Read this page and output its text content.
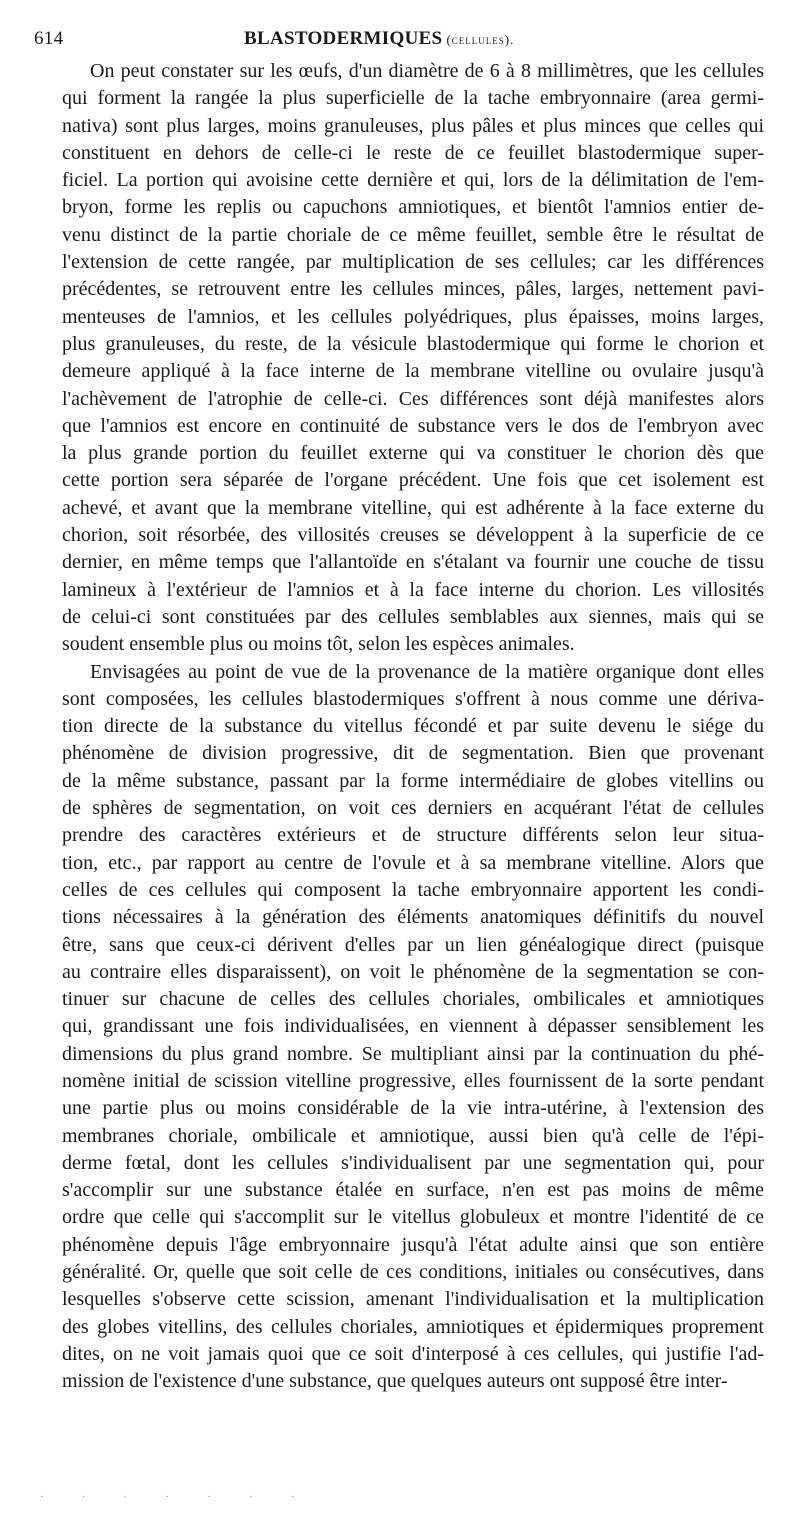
614	BLASTODERMIQUES (cellules).
On peut constater sur les œufs, d'un diamètre de 6 à 8 millimètres, que les cellules
qui forment la rangée la plus superficielle de la tache embryonnaire (area germi-
nativa) sont plus larges, moins granuleuses, plus pâles et plus minces que celles qui
constituent en dehors de celle-ci le reste de ce feuillet blastodermique super-
ficiel. La portion qui avoisine cette dernière et qui, lors de la délimitation de l'em-
bryon, forme les replis ou capuchons amniotiques, et bientôt l'amnios entier de-
venu distinct de la partie choriale de ce même feuillet, semble être le résultat de
l'extension de cette rangée, par multiplication de ses cellules; car les différences
précédentes, se retrouvent entre les cellules minces, pâles, larges, nettement pavi-
menteuses de l'amnios, et les cellules polyédriques, plus épaisses, moins larges,
plus granuleuses, du reste, de la vésicule blastodermique qui forme le chorion et
demeure appliqué à la face interne de la membrane vitelline ou ovulaire jusqu'à
l'achèvement de l'atrophie de celle-ci. Ces différences sont déjà manifestes alors
que l'amnios est encore en continuité de substance vers le dos de l'embryon avec
la plus grande portion du feuillet externe qui va constituer le chorion dès que
cette portion sera séparée de l'organe précédent. Une fois que cet isolement est
achevé, et avant que la membrane vitelline, qui est adhérente à la face externe du
chorion, soit résorbée, des villosités creuses se développent à la superficie de ce
dernier, en même temps que l'allantoïde en s'étalant va fournir une couche de tissu
lamineux à l'extérieur de l'amnios et à la face interne du chorion. Les villosités
de celui-ci sont constituées par des cellules semblables aux siennes, mais qui se
soudent ensemble plus ou moins tôt, selon les espèces animales.
Envisagées au point de vue de la provenance de la matière organique dont elles
sont composées, les cellules blastodermiques s'offrent à nous comme une dériva-
tion directe de la substance du vitellus fécondé et par suite devenu le siége du
phénomène de division progressive, dit de segmentation. Bien que provenant
de la même substance, passant par la forme intermédiaire de globes vitellins ou
de sphères de segmentation, on voit ces derniers en acquérant l'état de cellules
prendre des caractères extérieurs et de structure différents selon leur situa-
tion, etc., par rapport au centre de l'ovule et à sa membrane vitelline. Alors que
celles de ces cellules qui composent la tache embryonnaire apportent les condi-
tions nécessaires à la génération des éléments anatomiques définitifs du nouvel
être, sans que ceux-ci dérivent d'elles par un lien généalogique direct (puisque
au contraire elles disparaissent), on voit le phénomène de la segmentation se con-
tinuer sur chacune de celles des cellules choriales, ombilicales et amniotiques
qui, grandissant une fois individualisées, en viennent à dépasser sensiblement les
dimensions du plus grand nombre. Se multipliant ainsi par la continuation du phé-
nomène initial de scission vitelline progressive, elles fournissent de la sorte pendant
une partie plus ou moins considérable de la vie intra-utérine, à l'extension des
membranes choriale, ombilicale et amniotique, aussi bien qu'à celle de l'épi-
derme fœtal, dont les cellules s'individualisent par une segmentation qui, pour
s'accomplir sur une substance étalée en surface, n'en est pas moins de même
ordre que celle qui s'accomplit sur le vitellus globuleux et montre l'identité de ce
phénomène depuis l'âge embryonnaire jusqu'à l'état adulte ainsi que son entière
généralité. Or, quelle que soit celle de ces conditions, initiales ou consécutives, dans
lesquelles s'observe cette scission, amenant l'individualisation et la multiplication
des globes vitellins, des cellules choriales, amniotiques et épidermiques proprement
dites, on ne voit jamais quoi que ce soit d'interposé à ces cellules, qui justifie l'ad-
mission de l'existence d'une substance, que quelques auteurs ont supposé être inter-
· · · · · · ·
